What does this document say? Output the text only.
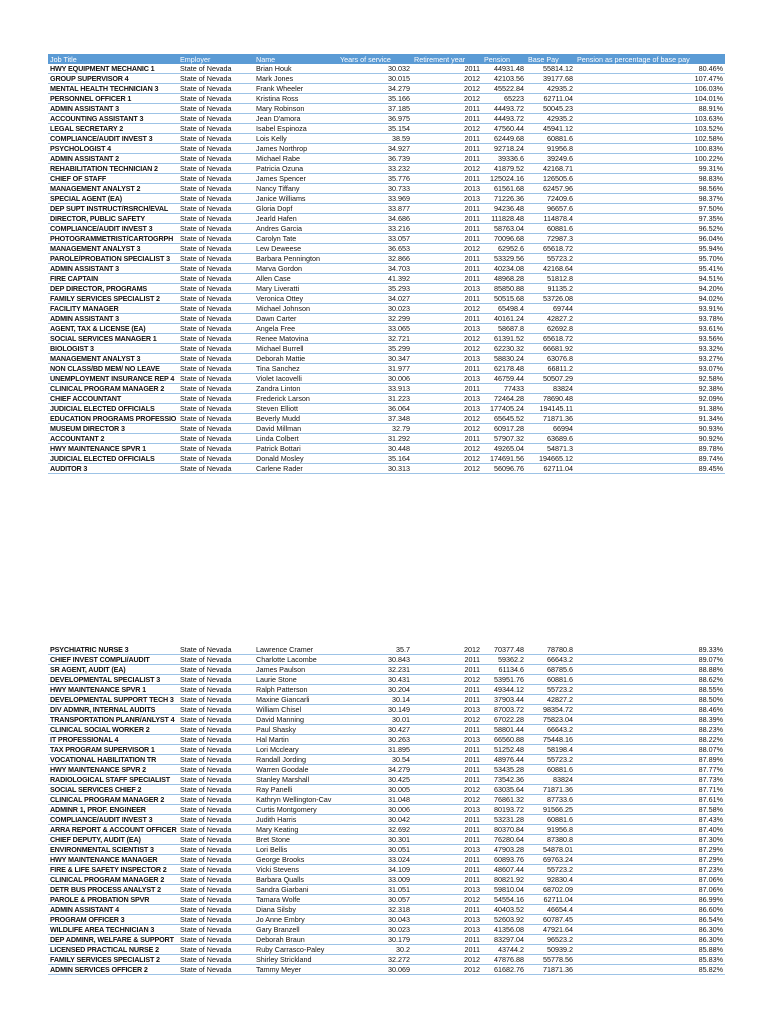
Job Title	Employer	Name	Years of service	Retirement year	Pension	Base Pay	Pension as percentage of base pay
HWY EQUIPMENT MECHANIC 1	State of Nevada	Brian Houk	30.032	2011	44931.48	55814.12	80.46%
GROUP SUPERVISOR 4	State of Nevada	Mark Jones	30.015	2012	42103.56	39177.68	107.47%
MENTAL HEALTH TECHNICIAN 3	State of Nevada	Frank Wheeler	34.279	2012	45522.84	42935.2	106.03%
PERSONNEL OFFICER 1	State of Nevada	Kristina Ross	35.166	2012	65223	62711.04	104.01%
ADMIN ASSISTANT 3	State of Nevada	Mary Robinson	37.185	2011	44493.72	50045.23	88.91%
ACCOUNTING ASSISTANT 3	State of Nevada	Jean D'amora	36.975	2011	44493.72	42935.2	103.63%
LEGAL SECRETARY 2	State of Nevada	Isabel Espinoza	35.154	2012	47560.44	45941.12	103.52%
COMPLIANCE/AUDIT INVEST 3	State of Nevada	Lois Kelly	38.59	2011	62449.68	60881.6	102.58%
PSYCHOLOGIST 4	State of Nevada	James Northrop	34.927	2011	92718.24	91956.8	100.83%
ADMIN ASSISTANT 2	State of Nevada	Michael Rabe	36.739	2011	39336.6	39249.6	100.22%
REHABILITATION TECHNICIAN 2	State of Nevada	Patricia Ozuna	33.232	2012	41879.52	42168.71	99.31%
CHIEF OF STAFF	State of Nevada	James Spencer	35.776	2011	125024.16	126505.6	98.83%
MANAGEMENT ANALYST 2	State of Nevada	Nancy Tiffany	30.733	2013	61561.68	62457.96	98.56%
SPECIAL AGENT (EA)	State of Nevada	Janice Williams	33.969	2013	71226.36	72409.6	98.37%
DEP SUPT INSTRUCT/RSRCH/EVAL	State of Nevada	Gloria Dopf	33.877	2011	94236.48	96657.6	97.50%
DIRECTOR, PUBLIC SAFETY	State of Nevada	Jearld Hafen	34.686	2011	111828.48	114878.4	97.35%
COMPLIANCE/AUDIT INVEST 3	State of Nevada	Andres Garcia	33.216	2011	58763.04	60881.6	96.52%
PHOTOGRAMMETRIST/CARTOGRPH	State of Nevada	Carolyn Tate	33.057	2011	70096.68	72987.3	96.04%
MANAGEMENT ANALYST 3	State of Nevada	Lew Deweese	36.653	2012	62952.6	65618.72	95.94%
PAROLE/PROBATION SPECIALIST 3	State of Nevada	Barbara Pennington	32.866	2011	53329.56	55723.2	95.70%
ADMIN ASSISTANT 3	State of Nevada	Marva Gordon	34.703	2011	40234.08	42168.64	95.41%
FIRE CAPTAIN	State of Nevada	Allen Case	41.392	2011	48968.28	51812.8	94.51%
DEP DIRECTOR, PROGRAMS	State of Nevada	Mary Liveratti	35.293	2013	85850.88	91135.2	94.20%
FAMILY SERVICES SPECIALIST 2	State of Nevada	Veronica Ottey	34.027	2011	50515.68	53726.08	94.02%
FACILITY MANAGER	State of Nevada	Michael Johnson	30.023	2012	65498.4	69744	93.91%
ADMIN ASSISTANT 3	State of Nevada	Dawn Carter	32.299	2011	40161.24	42827.2	93.78%
AGENT, TAX & LICENSE (EA)	State of Nevada	Angela Free	33.065	2013	58687.8	62692.8	93.61%
SOCIAL SERVICES MANAGER 1	State of Nevada	Renee Matovina	32.721	2012	61391.52	65618.72	93.56%
BIOLOGIST 3	State of Nevada	Michael Burrell	35.299	2012	62230.32	66681.92	93.32%
MANAGEMENT ANALYST 3	State of Nevada	Deborah Mattie	30.347	2013	58830.24	63076.8	93.27%
NON CLASS/BD MEM/ NO LEAVE	State of Nevada	Tina Sanchez	31.977	2011	62178.48	66811.2	93.07%
UNEMPLOYMENT INSURANCE REP 4	State of Nevada	Violet Iacovelli	30.006	2013	46759.44	50507.29	92.58%
CLINICAL PROGRAM MANAGER 2	State of Nevada	Zandra Linton	33.913	2011	77433	83824	92.38%
CHIEF ACCOUNTANT	State of Nevada	Frederick Larson	31.223	2013	72464.28	78690.48	92.09%
JUDICIAL ELECTED OFFICIALS	State of Nevada	Steven Elliott	36.064	2013	177405.24	194145.11	91.38%
EDUCATION PROGRAMS PROFESSIO	State of Nevada	Beverly Mudd	37.348	2012	65645.52	71871.36	91.34%
MUSEUM DIRECTOR 3	State of Nevada	David Millman	32.79	2012	60917.28	66994	90.93%
ACCOUNTANT 2	State of Nevada	Linda Colbert	31.292	2011	57907.32	63689.6	90.92%
HWY MAINTENANCE SPVR 1	State of Nevada	Patrick Bottari	30.448	2012	49265.04	54871.3	89.78%
JUDICIAL ELECTED OFFICIALS	State of Nevada	Donald Mosley	35.164	2012	174691.56	194665.12	89.74%
AUDITOR 3	State of Nevada	Carlene Rader	30.313	2012	56096.76	62711.04	89.45%
PSYCHIATRIC NURSE 3	State of Nevada	Lawrence Cramer	35.7	2012	70377.48	78780.8	89.33%
CHIEF INVEST COMPLI/AUDIT	State of Nevada	Charlotte Lacombe	30.843	2011	59362.2	66643.2	89.07%
SR AGENT, AUDIT (EA)	State of Nevada	James Paulson	32.231	2011	61134.6	68785.6	88.88%
DEVELOPMENTAL SPECIALIST 3	State of Nevada	Laurie Stone	30.431	2012	53951.76	60881.6	88.62%
HWY MAINTENANCE SPVR 1	State of Nevada	Ralph Patterson	30.204	2011	49344.12	55723.2	88.55%
DEVELOPMENTAL SUPPORT TECH 3	State of Nevada	Maxine Giancarli	30.14	2011	37903.44	42827.2	88.50%
DIV ADMNR, INTERNAL AUDITS	State of Nevada	William Chisel	30.149	2013	87003.72	98354.72	88.46%
TRANSPORTATION PLANR/ANLYST 4	State of Nevada	David Manning	30.01	2012	67022.28	75823.04	88.39%
CLINICAL SOCIAL WORKER 2	State of Nevada	Paul Shasky	30.427	2011	58801.44	66643.2	88.23%
IT PROFESSIONAL 4	State of Nevada	Hal Martin	30.263	2013	66560.88	75448.16	88.22%
TAX PROGRAM SUPERVISOR 1	State of Nevada	Lori Mccleary	31.895	2011	51252.48	58198.4	88.07%
VOCATIONAL HABILITATION TR	State of Nevada	Randall Jording	30.54	2011	48976.44	55723.2	87.89%
HWY MAINTENANCE SPVR 2	State of Nevada	Warren Goodale	34.279	2011	53435.28	60881.6	87.77%
RADIOLOGICAL STAFF SPECIALIST	State of Nevada	Stanley Marshall	30.425	2011	73542.36	83824	87.73%
SOCIAL SERVICES CHIEF 2	State of Nevada	Ray Panelli	30.005	2012	63035.64	71871.36	87.71%
CLINICAL PROGRAM MANAGER 2	State of Nevada	Kathryn Wellington-Cav	31.048	2012	76861.32	87733.6	87.61%
ADMINR 1, PROF. ENGINEER	State of Nevada	Curtis Montgomery	30.006	2013	80193.72	91566.25	87.58%
COMPLIANCE/AUDIT INVEST 3	State of Nevada	Judith Harris	30.042	2011	53231.28	60881.6	87.43%
ARRA REPORT & ACCOUNT OFFICER	State of Nevada	Mary Keating	32.692	2011	80370.84	91956.8	87.40%
CHIEF DEPUTY, AUDIT (EA)	State of Nevada	Bret Stone	30.301	2011	76280.64	87380.8	87.30%
ENVIRONMENTAL SCIENTIST 3	State of Nevada	Lori Bellis	30.051	2013	47903.28	54878.01	87.29%
HWY MAINTENANCE MANAGER	State of Nevada	George Brooks	33.024	2011	60893.76	69763.24	87.29%
FIRE & LIFE SAFETY INSPECTOR 2	State of Nevada	Vicki Stevens	34.109	2011	48607.44	55723.2	87.23%
CLINICAL PROGRAM MANAGER 2	State of Nevada	Barbara Qualls	33.009	2011	80821.92	92830.4	87.06%
DETR BUS PROCESS ANALYST 2	State of Nevada	Sandra Giarbani	31.051	2013	59810.04	68702.09	87.06%
PAROLE & PROBATION SPVR	State of Nevada	Tamara Wolfe	30.057	2012	54554.16	62711.04	86.99%
ADMIN ASSISTANT 4	State of Nevada	Diana Silsby	32.318	2011	40403.52	46654.4	86.60%
PROGRAM OFFICER 3	State of Nevada	Jo Anne Embry	30.043	2013	52603.92	60787.45	86.54%
WILDLIFE AREA TECHNICIAN 3	State of Nevada	Gary Branzell	30.023	2013	41356.08	47921.64	86.30%
DEP ADMINR, WELFARE & SUPPORT	State of Nevada	Deborah Braun	30.179	2011	83297.04	96523.2	86.30%
LICENSED PRACTICAL NURSE 2	State of Nevada	Ruby Carrasco-Paley	30.2	2011	43744.2	50939.2	85.88%
FAMILY SERVICES SPECIALIST 2	State of Nevada	Shirley Strickland	32.272	2012	47876.88	55778.56	85.83%
ADMIN SERVICES OFFICER 2	State of Nevada	Tammy Meyer	30.069	2012	61682.76	71871.36	85.82%
